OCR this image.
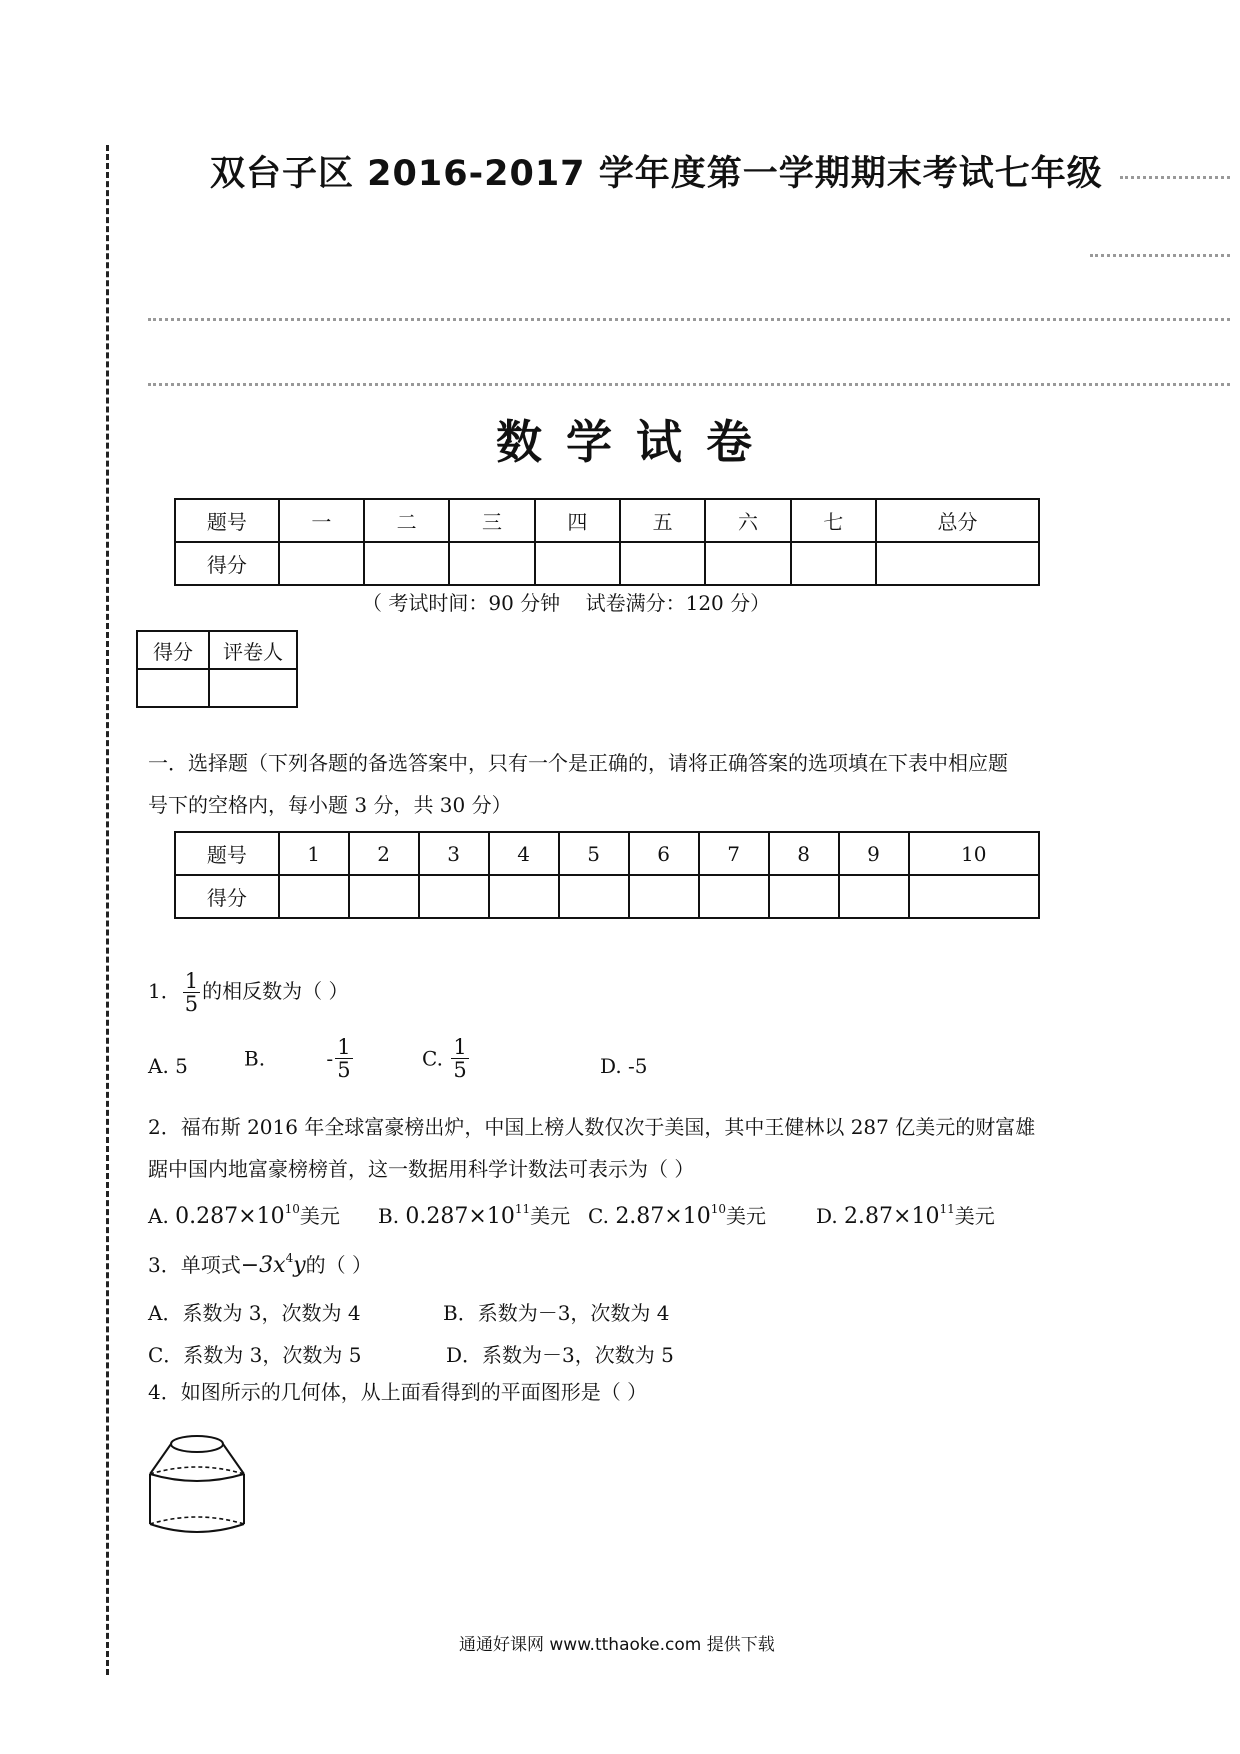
双台子区 2016-2017 学年度第一学期期末考试七年级
数学试卷
题号	一	二	三	四	五	六	七	总分
得分								
（ 考试时间：90 分钟    试卷满分：120 分）
得分	评卷人

一．选择题（下列各题的备选答案中，只有一个是正确的，请将正确答案的选项填在下表中相应题
号下的空格内，每小题 3 分，共 30 分）
题号	1	2	3	4	5	6	7	8	9	10
得分										
1． $\frac{1}{5}$ 的相反数为（ ）
A. 5	B.	- $\frac{1}{5}$	C. $\frac{1}{5}$	D. -5
2．福布斯 2016 年全球富豪榜出炉，中国上榜人数仅次于美国，其中王健林以 287 亿美元的财富雄
踞中国内地富豪榜榜首，这一数据用科学计数法可表示为（ ）
A. $0.287\times 10^{10}$美元 B. $0.287\times 10^{11}$美元 C. $2.87\times 10^{10}$美元 D. $2.87\times 10^{11}$美元
3．单项式$-3x^4y$的（ ）
A．系数为 3，次数为 4	B．系数为－3，次数为 4
C．系数为 3，次数为 5	D．系数为－3，次数为 5
4．如图所示的几何体，从上面看得到的平面图形是（ ）
通通好课网 www.tthaoke.com 提供下载
